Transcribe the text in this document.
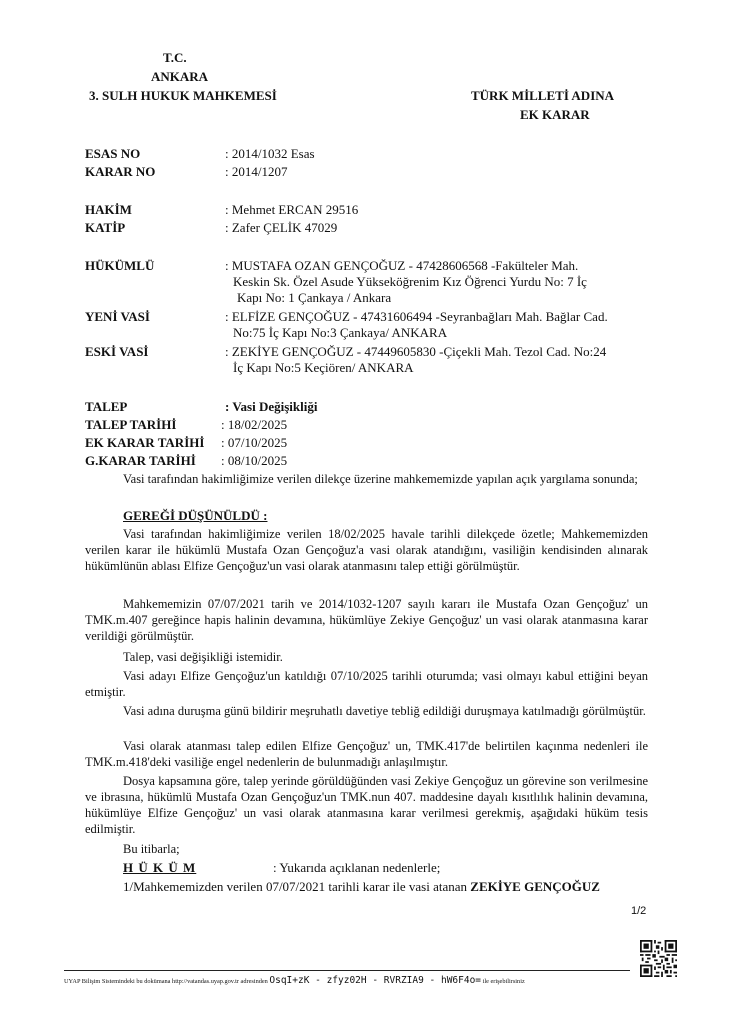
T.C.
ANKARA
3. SULH HUKUK MAHKEMESİ	TÜRK MİLLETİ ADINA
EK KARAR
ESAS NO	: 2014/1032 Esas
KARAR NO	: 2014/1207
HAKİM	: Mehmet ERCAN 29516
KATİP	: Zafer ÇELİK 47029
HÜKÜMLÜ	: MUSTAFA OZAN GENÇOĞUZ - 47428606568 -Fakülteler Mah.
Keskin Sk. Özel Asude Yükseköğrenim Kız Öğrenci Yurdu No: 7 İç
Kapı No: 1 Çankaya / Ankara
YENİ VASİ	: ELFİZE GENÇOĞUZ - 47431606494 -Seyranbağları Mah. Bağlar Cad.
No:75 İç Kapı No:3 Çankaya/ ANKARA
ESKİ VASİ	: ZEKİYE GENÇOĞUZ - 47449605830 -Çiçekli Mah. Tezol Cad. No:24
İç Kapı No:5 Keçiören/ ANKARA
TALEP	: Vasi Değişikliği
TALEP TARİHİ	: 18/02/2025
EK KARAR TARİHİ : 07/10/2025
G.KARAR TARİHİ : 08/10/2025
Vasi tarafından hakimliğimize verilen dilekçe üzerine mahkememizde yapılan açık yargılama sonunda;
GEREĞİ DÜŞÜNÜLDÜ :
Vasi tarafından hakimliğimize verilen 18/02/2025 havale tarihli dilekçede özetle; Mahkememizden verilen karar ile hükümlü Mustafa Ozan Gençoğuz'a vasi olarak atandığını, vasiliğin kendisinden alınarak hükümlünün ablası Elfize Gençoğuz'un vasi olarak atanmasını talep ettiği görülmüştür.
Mahkememizin 07/07/2021 tarih ve 2014/1032-1207 sayılı kararı ile Mustafa Ozan Gençoğuz' un TMK.m.407 gereğince hapis halinin devamına, hükümlüye Zekiye Gençoğuz' un vasi olarak atanmasına karar verildiği görülmüştür.
Talep, vasi değişikliği istemidir.
Vasi adayı Elfize Gençoğuz'un katıldığı 07/10/2025 tarihli oturumda; vasi olmayı kabul ettiğini beyan etmiştir.
Vasi adına duruşma günü bildirir meşruhatlı davetiye tebliğ edildiği duruşmaya katılmadığı görülmüştür.
Vasi olarak atanması talep edilen Elfize Gençoğuz' un, TMK.417'de belirtilen kaçınma nedenleri ile TMK.m.418'deki vasiliğe engel nedenlerin de bulunmadığı anlaşılmıştır.
Dosya kapsamına göre, talep yerinde görüldüğünden vasi Zekiye Gençoğuz un görevine son verilmesine ve ibrasına, hükümlü Mustafa Ozan Gençoğuz'un TMK.nun 407. maddesine dayalı kısıtlılık halinin devamına, hükümlüye Elfize Gençoğuz' un vasi olarak atanmasına karar verilmesi gerekmiş, aşağıdaki hüküm tesis edilmiştir.
Bu itibarla;
H Ü K Ü M	: Yukarıda açıklanan nedenlerle;
1/Mahkememizden verilen 07/07/2021 tarihli karar ile vasi atanan ZEKİYE GENÇOĞUZ
1/2
UYAP Bilişim Sistemindeki bu dokümana http://vatandas.uyap.gov.tr adresinden OsqI+zK - zfyz02H - RVRZIA9 - hW6F4o= ile erişebilirsiniz
